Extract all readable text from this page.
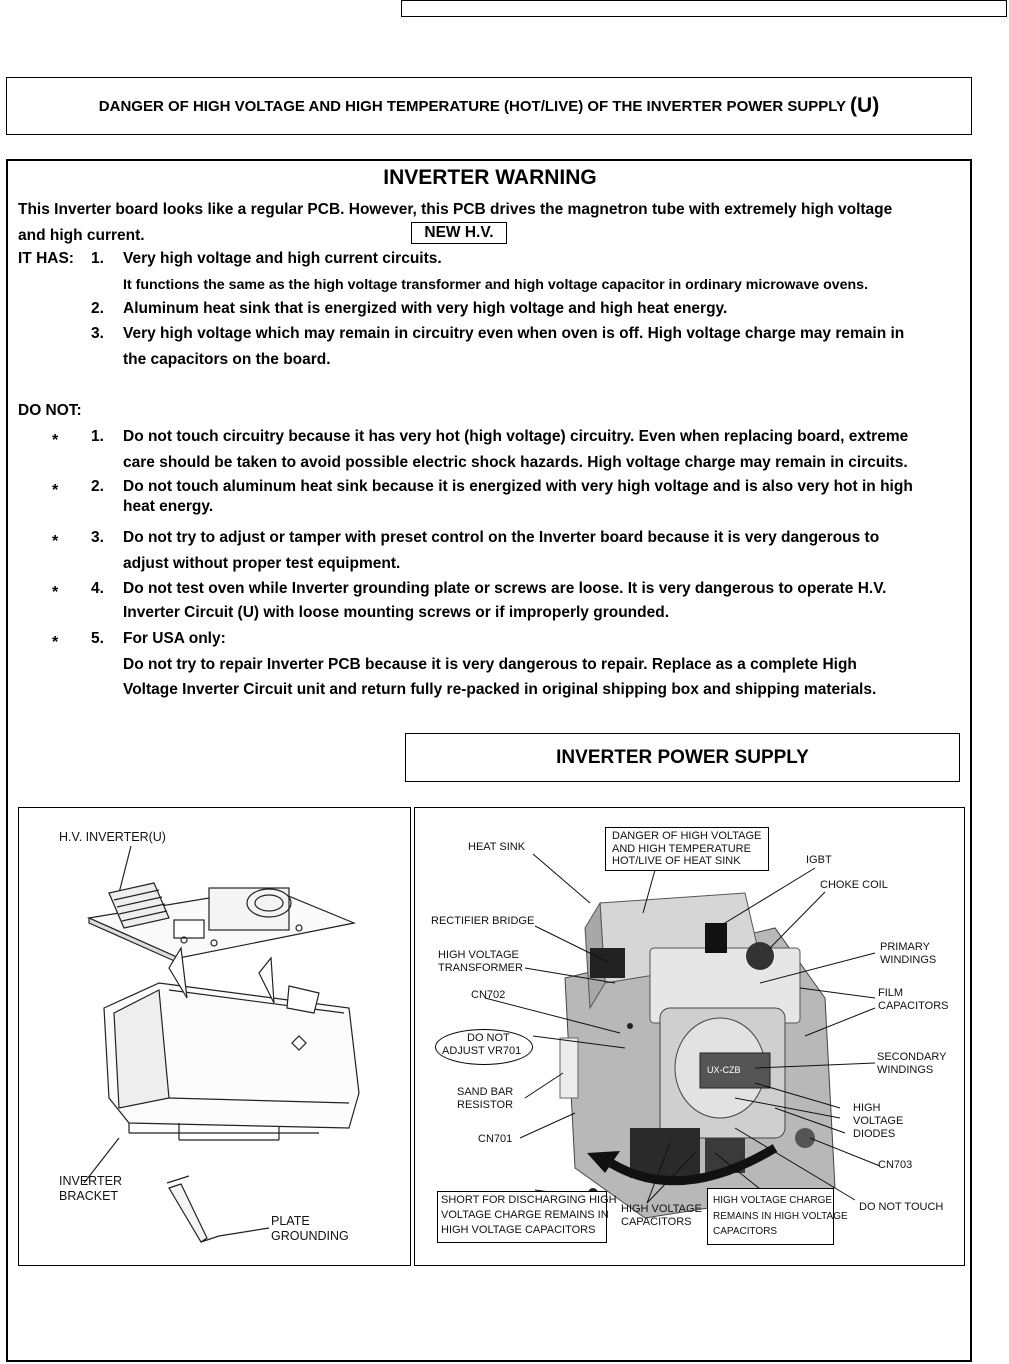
DANGER OF HIGH VOLTAGE AND HIGH TEMPERATURE (HOT/LIVE) OF THE INVERTER POWER SUPPLY (U)
INVERTER WARNING
This Inverter board looks like a regular PCB. However, this PCB drives the magnetron tube with extremely high voltage
and high current.	NEW H.V.
IT HAS: 1. Very high voltage and high current circuits.
It functions the same as the high voltage transformer and high voltage capacitor in ordinary microwave ovens.
2. Aluminum heat sink that is energized with very high voltage and high heat energy.
3. Very high voltage which may remain in circuitry even when oven is off. High voltage charge may remain in
the capacitors on the board.
DO NOT:
* 1. Do not touch circuitry because it has very hot (high voltage) circuitry. Even when replacing board, extreme
care should be taken to avoid possible electric shock hazards. High voltage charge may remain in circuits.
* 2. Do not touch aluminum heat sink because it is energized with very high voltage and is also very hot in high
heat energy.
* 3. Do not try to adjust or tamper with preset control on the Inverter board because it is very dangerous to
adjust without proper test equipment.
* 4. Do not test oven while Inverter grounding plate or screws are loose. It is very dangerous to operate H.V.
Inverter Circuit (U) with loose mounting screws or if improperly grounded.
* 5. For USA only:
Do not try to repair Inverter PCB because it is very dangerous to repair. Replace as a complete High
Voltage Inverter Circuit unit and return fully re-packed in original shipping box and shipping materials.
INVERTER POWER SUPPLY
H.V. INVERTER(U)
INVERTER
BRACKET
PLATE
GROUNDING
HEAT SINK
DANGER OF HIGH VOLTAGE
AND HIGH TEMPERATURE
HOT/LIVE OF HEAT SINK	IGBT
CHOKE COIL
RECTIFIER BRIDGE
HIGH VOLTAGE
TRANSFORMER
PRIMARY
WINDINGS
CN702	FILM
CAPACITORS
DO NOT
ADJUST VR701	SECONDARY
WINDINGS
SAND BAR
RESISTOR	HIGH
VOLTAGE
DIODES
CN701
CN703
SHORT FOR DISCHARGING HIGH
VOLTAGE CHARGE REMAINS IN
HIGH VOLTAGE CAPACITORS
HIGH VOLTAGE
CAPACITORS
HIGH VOLTAGE CHARGE
REMAINS IN HIGH VOLTAGE
CAPACITORS
DO NOT TOUCH
UX-CZB
